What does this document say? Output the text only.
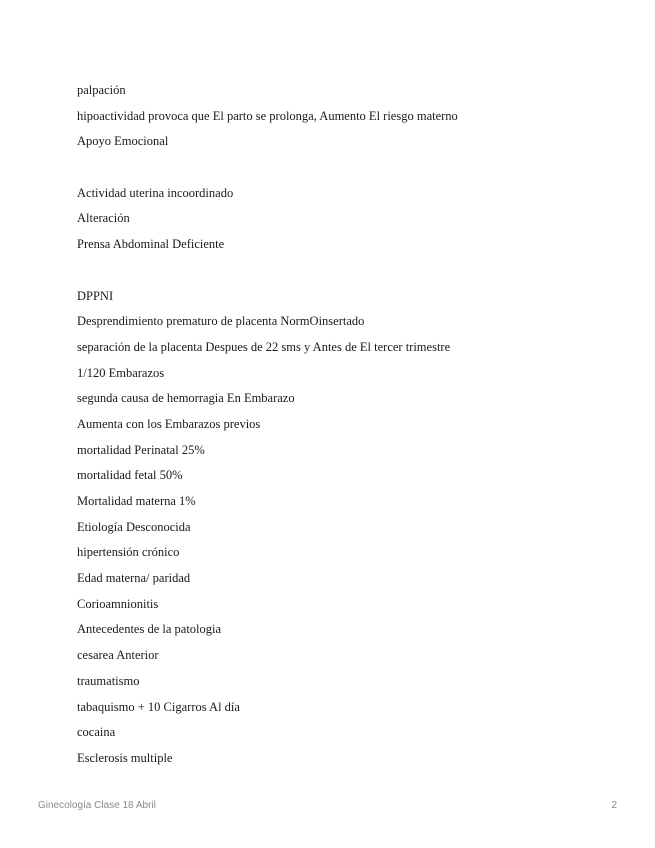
palpación
hipoactividad provoca que El parto se prolonga, Aumento El riesgo materno
Apoyo Emocional
Actividad uterina incoordinado
Alteración
Prensa Abdominal Deficiente
DPPNI
Desprendimiento prematuro de placenta NormOinsertado
separación de la placenta Despues de 22 sms y Antes de El tercer trimestre
1/120 Embarazos
segunda causa de hemorragia En Embarazo
Aumenta con los Embarazos previos
mortalidad Perinatal 25%
mortalidad fetal 50%
Mortalidad materna 1%
Etiología Desconocida
hipertensión crónico
Edad materna/ paridad
Corioamnionitis
Antecedentes de la patologia
cesarea Anterior
traumatismo
tabaquismo + 10 Cigarros Al día
cocaina
Esclerosis multiple
Ginecología Clase 18 Abril	2
